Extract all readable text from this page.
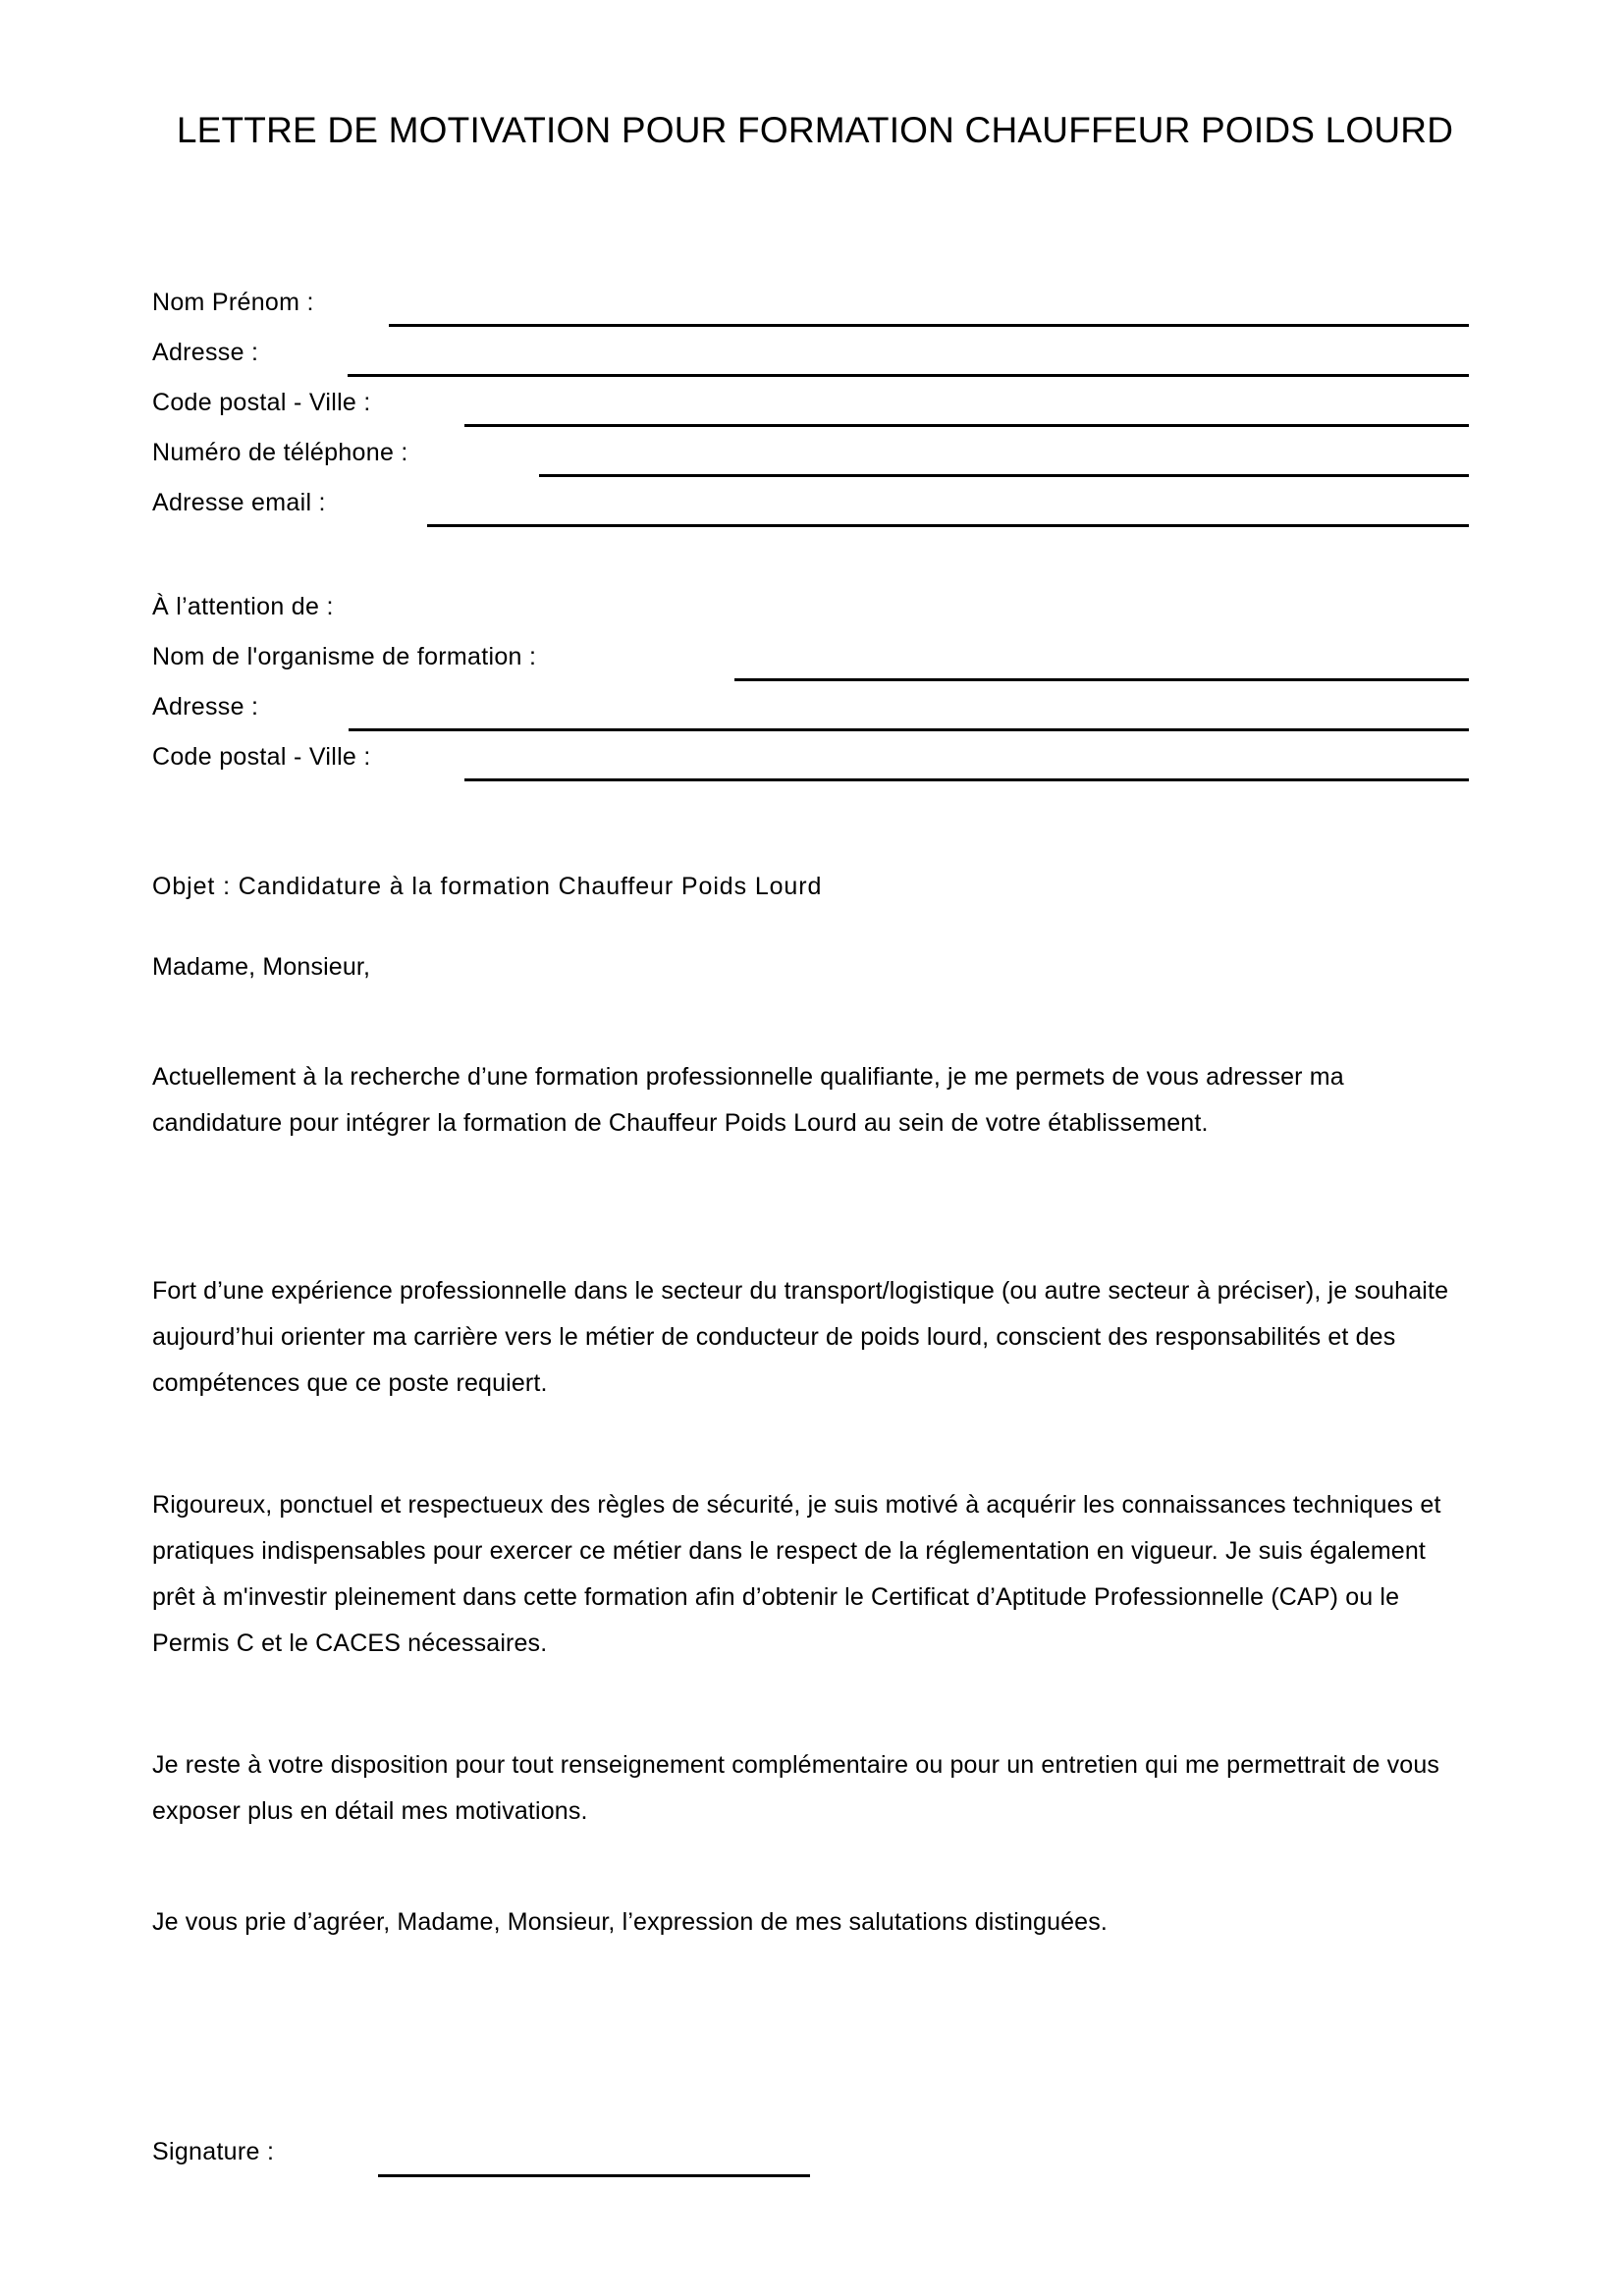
LETTRE DE MOTIVATION POUR FORMATION CHAUFFEUR POIDS LOURD
Nom Prénom :
Adresse :
Code postal - Ville :
Numéro de téléphone :
Adresse email :
À l’attention de :
Nom de l'organisme de formation :
Adresse :
Code postal - Ville :
Objet : Candidature à la formation Chauffeur Poids Lourd
Madame, Monsieur,
Actuellement à la recherche d’une formation professionnelle qualifiante, je me permets de vous adresser ma candidature pour intégrer la formation de Chauffeur Poids Lourd au sein de votre établissement.
Fort d’une expérience professionnelle dans le secteur du transport/logistique (ou autre secteur à préciser), je souhaite aujourd’hui orienter ma carrière vers le métier de conducteur de poids lourd, conscient des responsabilités et des compétences que ce poste requiert.
Rigoureux, ponctuel et respectueux des règles de sécurité, je suis motivé à acquérir les connaissances techniques et pratiques indispensables pour exercer ce métier dans le respect de la réglementation en vigueur. Je suis également prêt à m'investir pleinement dans cette formation afin d’obtenir le Certificat d’Aptitude Professionnelle (CAP) ou le Permis C et le CACES nécessaires.
Je reste à votre disposition pour tout renseignement complémentaire ou pour un entretien qui me permettrait de vous exposer plus en détail mes motivations.
Je vous prie d’agréer, Madame, Monsieur, l’expression de mes salutations distinguées.
Signature :
